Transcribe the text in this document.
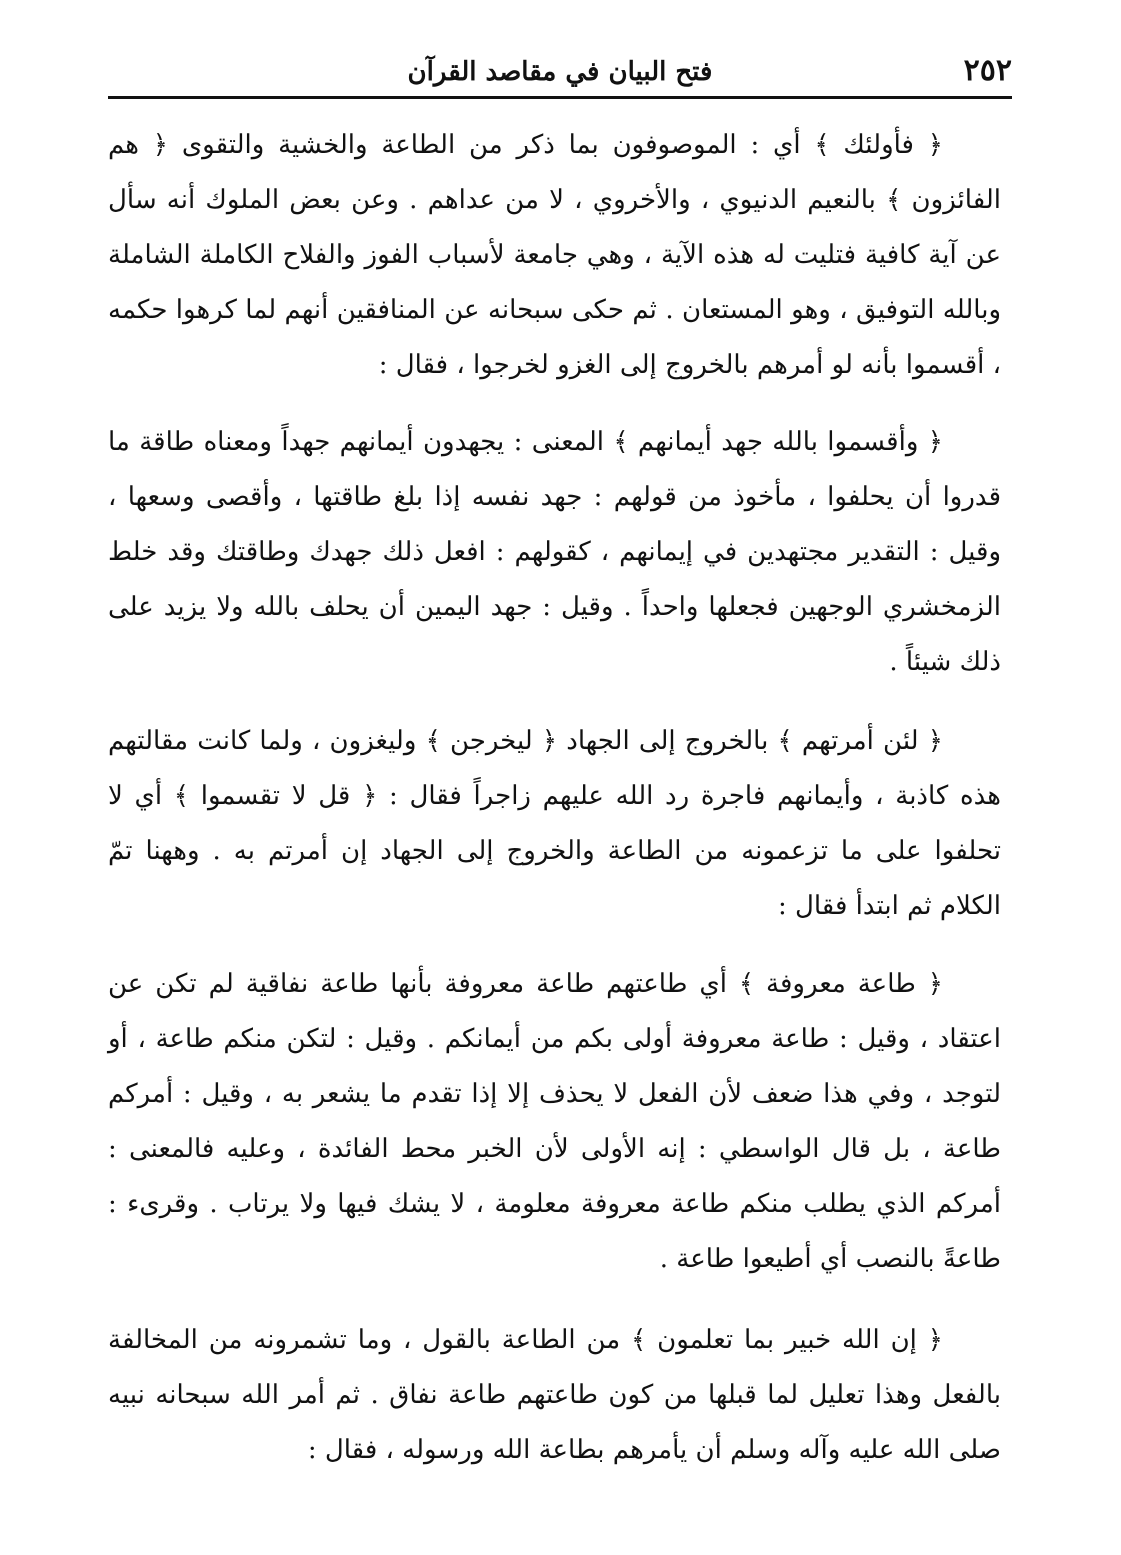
٢٥٢
فتح البيان في مقاصد القرآن

﴿ فأولئك ﴾ أي : الموصوفون بما ذكر من الطاعة والخشية والتقوى ﴿ هم الفائزون ﴾ بالنعيم الدنيوي ، والأخروي ، لا من عداهم . وعن بعض الملوك أنه سأل عن آية كافية فتليت له هذه الآية ، وهي جامعة لأسباب الفوز والفلاح الكاملة الشاملة وبالله التوفيق ، وهو المستعان . ثم حكى سبحانه عن المنافقين أنهم لما كرهوا حكمه ، أقسموا بأنه لو أمرهم بالخروج إلى الغزو لخرجوا ، فقال :

﴿ وأقسموا بالله جهد أيمانهم ﴾ المعنى : يجهدون أيمانهم جهداً ومعناه طاقة ما قدروا أن يحلفوا ، مأخوذ من قولهم : جهد نفسه إذا بلغ طاقتها ، وأقصى وسعها ، وقيل : التقدير مجتهدين في إيمانهم ، كقولهم : افعل ذلك جهدك وطاقتك وقد خلط الزمخشري الوجهين فجعلها واحداً . وقيل : جهد اليمين أن يحلف بالله ولا يزيد على ذلك شيئاً .

﴿ لئن أمرتهم ﴾ بالخروج إلى الجهاد ﴿ ليخرجن ﴾ وليغزون ، ولما كانت مقالتهم هذه كاذبة ، وأيمانهم فاجرة رد الله عليهم زاجراً فقال : ﴿ قل لا تقسموا ﴾ أي لا تحلفوا على ما تزعمونه من الطاعة والخروج إلى الجهاد إن أمرتم به . وههنا تمّ الكلام ثم ابتدأ فقال :

﴿ طاعة معروفة ﴾ أي طاعتهم طاعة معروفة بأنها طاعة نفاقية لم تكن عن اعتقاد ، وقيل : طاعة معروفة أولى بكم من أيمانكم . وقيل : لتكن منكم طاعة ، أو لتوجد ، وفي هذا ضعف لأن الفعل لا يحذف إلا إذا تقدم ما يشعر به ، وقيل : أمركم طاعة ، بل قال الواسطي : إنه الأولى لأن الخبر محط الفائدة ، وعليه فالمعنى : أمركم الذي يطلب منكم طاعة معروفة معلومة ، لا يشك فيها ولا يرتاب . وقرىء : طاعةً بالنصب أي أطيعوا طاعة .

﴿ إن الله خبير بما تعلمون ﴾ من الطاعة بالقول ، وما تشمرونه من المخالفة بالفعل وهذا تعليل لما قبلها من كون طاعتهم طاعة نفاق . ثم أمر الله سبحانه نبيه صلى الله عليه وآله وسلم أن يأمرهم بطاعة الله ورسوله ، فقال :
